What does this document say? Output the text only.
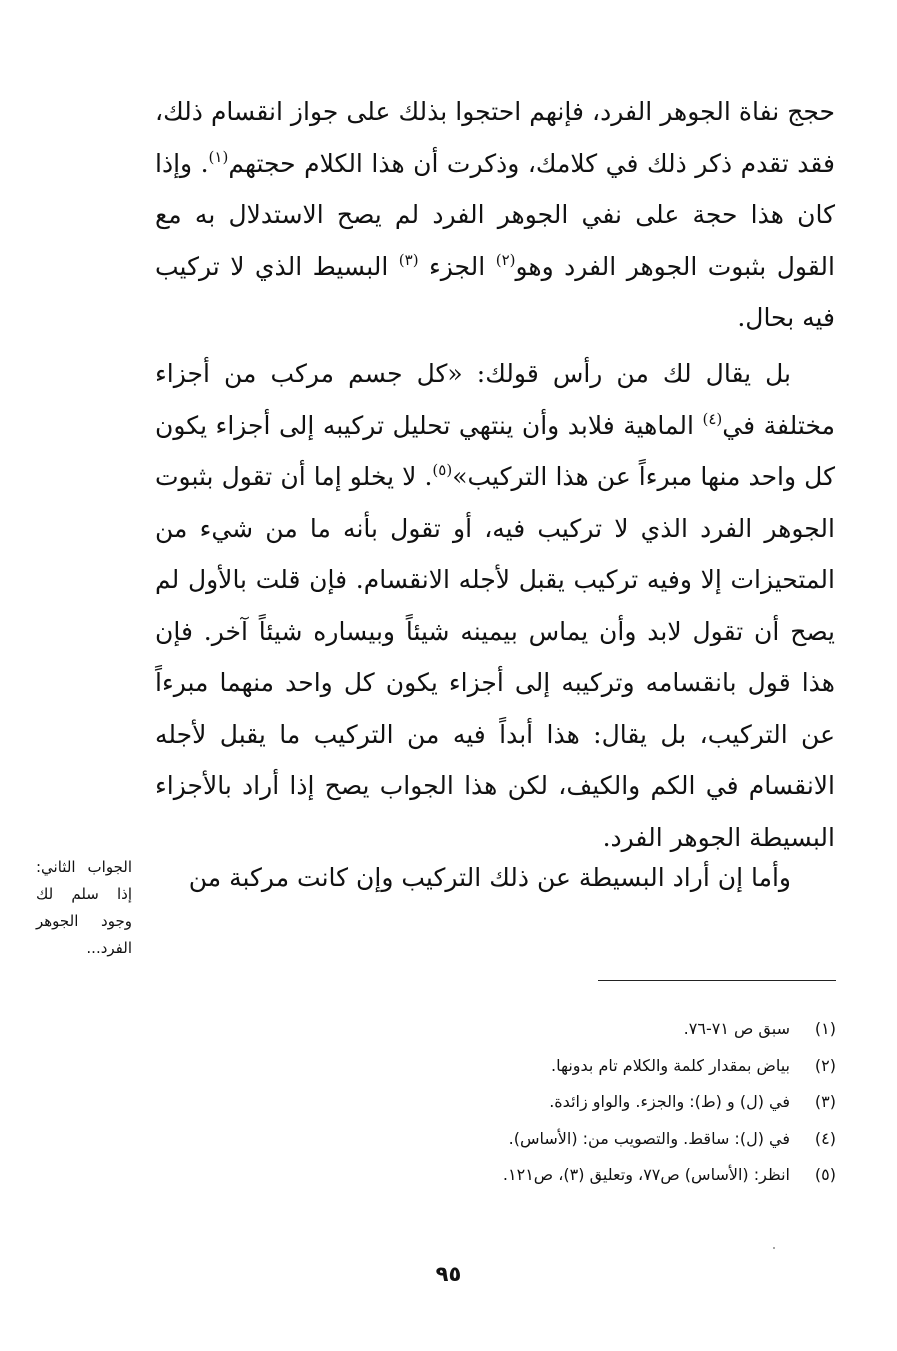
حجج نفاة الجوهر الفرد، فإنهم احتجوا بذلك على جواز انقسام ذلك، فقد تقدم ذكر ذلك في كلامك، وذكرت أن هذا الكلام حجتهم$^{(١)}$. وإذا كان هذا حجة على نفي الجوهر الفرد لم يصح الاستدلال به مع القول بثبوت الجوهر الفرد وهو$^{(٢)}$ الجزء $^{(٣)}$ البسيط الذي لا تركيب فيه بحال.

بل يقال لك من رأس قولك: «كل جسم مركب من أجزاء مختلفة في$^{(٤)}$ الماهية فلابد وأن ينتهي تحليل تركيبه إلى أجزاء يكون كل واحد منها مبرءاً عن هذا التركيب»$^{(٥)}$. لا يخلو إما أن تقول بثبوت الجوهر الفرد الذي لا تركيب فيه، أو تقول بأنه ما من شيء من المتحيزات إلا وفيه تركيب يقبل لأجله الانقسام. فإن قلت بالأول لم يصح أن تقول لابد وأن يماس بيمينه شيئاً وبيساره شيئاً آخر. فإن هذا قول بانقسامه وتركيبه إلى أجزاء يكون كل واحد منهما مبرءاً عن التركيب، بل يقال: هذا أبداً فيه من التركيب ما يقبل لأجله الانقسام في الكم والكيف، لكن هذا الجواب يصح إذا أراد بالأجزاء البسيطة الجوهر الفرد.

وأما إن أراد البسيطة عن ذلك التركيب وإن كانت مركبة من

الجواب الثاني: إذا سلم لك وجود الجوهر الفرد...

(١)سبق ص ٧١-٧٦.
(٢)بياض بمقدار كلمة والكلام تام بدونها.
(٣)في (ل) و (ط): والجزء. والواو زائدة.
(٤)في (ل): ساقط. والتصويب من: (الأساس).
(٥)انظر: (الأساس) ص٧٧، وتعليق (٣)، ص١٢١.
٩٥
